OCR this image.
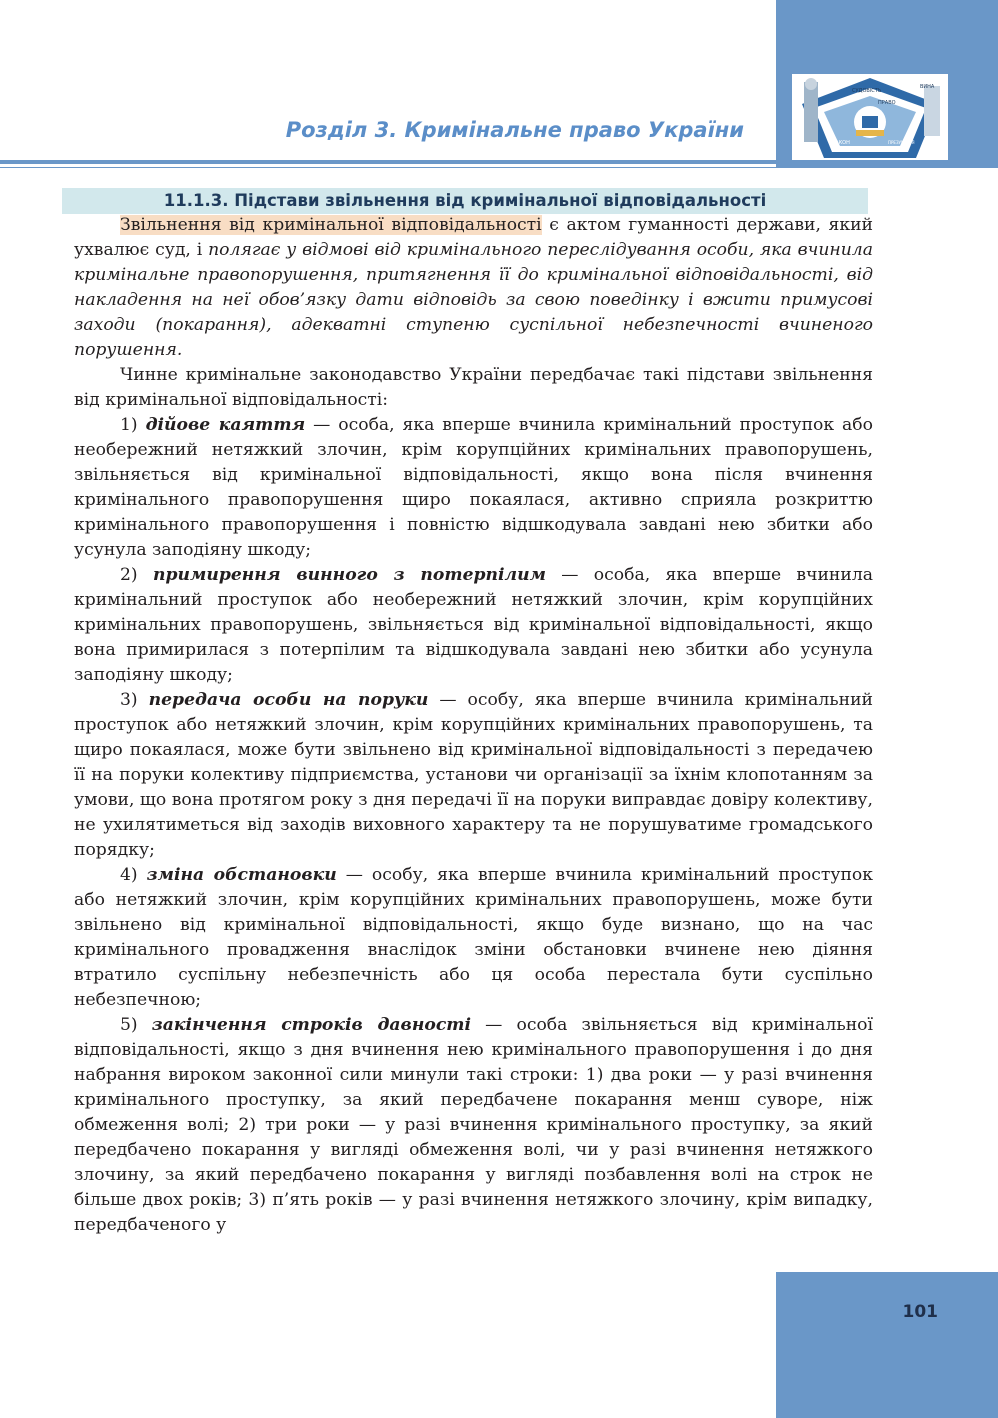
Розділ 3. Кримінальне право України
СУДОВІСТЬ
ПРАВО
ВИНА
ЗАКОН	ПРЕЗУМПЦІЯ
11.1.3. Підстави звільнення від кримінальної відповідальності

Звільнення від кримінальної відповідальності є актом гуманності держави, який ухвалює суд, і полягає у відмові від кримінального переслідування особи, яка вчинила кримінальне правопорушення, притягнення її до кримінальної відповідальності, від накладення на неї обов’язку дати відповідь за свою поведінку і вжити примусові заходи (покарання), адекватні ступеню суспільної небезпечності вчиненого порушення.

Чинне кримінальне законодавство України передбачає такі підстави звільнення від кримінальної відповідальності:

1) дійове каяття — особа, яка вперше вчинила кримінальний проступок або необережний нетяжкий злочин, крім корупційних кримінальних правопорушень, звільняється від кримінальної відповідальності, якщо вона після вчинення кримінального правопорушення щиро покаялася, активно сприяла розкриттю кримінального правопорушення і повністю відшкодувала завдані нею збитки або усунула заподіяну шкоду;

2) примирення винного з потерпілим — особа, яка вперше вчинила кримінальний проступок або необережний нетяжкий злочин, крім корупційних кримінальних правопорушень, звільняється від кримінальної відповідальності, якщо вона примирилася з потерпілим та відшкодувала завдані нею збитки або усунула заподіяну шкоду;

3) передача особи на поруки — особу, яка вперше вчинила кримінальний проступок або нетяжкий злочин, крім корупційних кримінальних правопорушень, та щиро покаялася, може бути звільнено від кримінальної відповідальності з передачею її на поруки колективу підприємства, установи чи організації за їхнім клопотанням за умови, що вона протягом року з дня передачі її на поруки виправдає довіру колективу, не ухилятиметься від заходів виховного характеру та не порушуватиме громадського порядку;

4) зміна обстановки — особу, яка вперше вчинила кримінальний проступок або нетяжкий злочин, крім корупційних кримінальних правопорушень, може бути звільнено від кримінальної відповідальності, якщо буде визнано, що на час кримінального провадження внаслідок зміни обстановки вчинене нею діяння втратило суспільну небезпечність або ця особа перестала бути суспільно небезпечною;

5) закінчення строків давності — особа звільняється від кримінальної відповідальності, якщо з дня вчинення нею кримінального правопорушення і до дня набрання вироком законної сили минули такі строки: 1) два роки — у разі вчинення кримінального проступку, за який передбачене покарання менш суворе, ніж обмеження волі; 2) три роки — у разі вчинення кримінального проступку, за який передбачено покарання у вигляді обмеження волі, чи у разі вчинення нетяжкого злочину, за який передбачено покарання у вигляді позбавлення волі на строк не більше двох років; 3) п’ять років — у разі вчинення нетяжкого злочину, крім випадку, передбаченого у

101
